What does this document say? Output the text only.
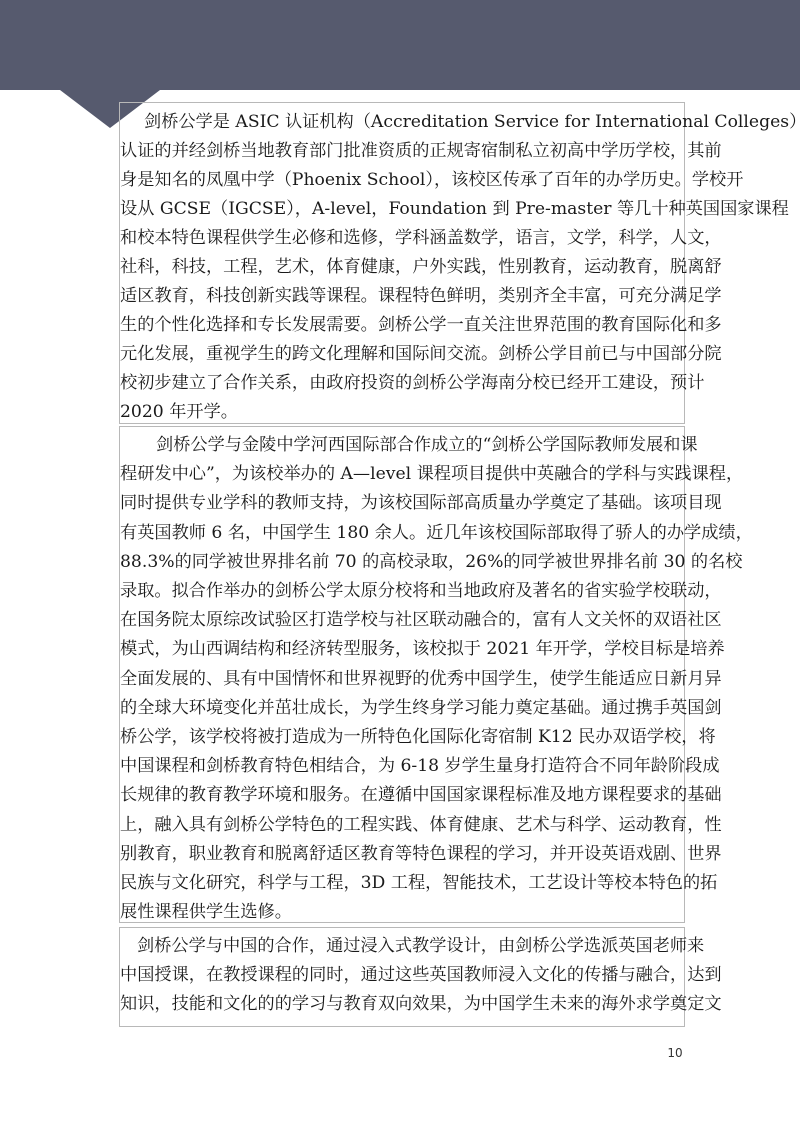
剑桥公学是 ASIC 认证机构（Accreditation Service for International Colleges）
认证的并经剑桥当地教育部门批准资质的正规寄宿制私立初高中学历学校，其前
身是知名的凤凰中学（Phoenix School），该校区传承了百年的办学历史。学校开
设从 GCSE（IGCSE），A-level，Foundation 到 Pre-master 等几十种英国国家课程
和校本特色课程供学生必修和选修，学科涵盖数学，语言，文学，科学，人文，
社科，科技，工程，艺术，体育健康，户外实践，性别教育，运动教育，脱离舒
适区教育，科技创新实践等课程。课程特色鲜明，类别齐全丰富，可充分满足学
生的个性化选择和专长发展需要。剑桥公学一直关注世界范围的教育国际化和多
元化发展，重视学生的跨文化理解和国际间交流。剑桥公学目前已与中国部分院
校初步建立了合作关系，由政府投资的剑桥公学海南分校已经开工建设，预计
2020 年开学。
剑桥公学与金陵中学河西国际部合作成立的“剑桥公学国际教师发展和课
程研发中心”，为该校举办的 A—level 课程项目提供中英融合的学科与实践课程，
同时提供专业学科的教师支持，为该校国际部高质量办学奠定了基础。该项目现
有英国教师 6 名，中国学生 180 余人。近几年该校国际部取得了骄人的办学成绩，
88.3%的同学被世界排名前 70 的高校录取，26%的同学被世界排名前 30 的名校
录取。拟合作举办的剑桥公学太原分校将和当地政府及著名的省实验学校联动，
在国务院太原综改试验区打造学校与社区联动融合的，富有人文关怀的双语社区
模式，为山西调结构和经济转型服务，该校拟于 2021 年开学，学校目标是培养
全面发展的、具有中国情怀和世界视野的优秀中国学生，使学生能适应日新月异
的全球大环境变化并茁壮成长，为学生终身学习能力奠定基础。通过携手英国剑
桥公学，该学校将被打造成为一所特色化国际化寄宿制 K12 民办双语学校，将
中国课程和剑桥教育特色相结合，为 6-18 岁学生量身打造符合不同年龄阶段成
长规律的教育教学环境和服务。在遵循中国国家课程标准及地方课程要求的基础
上，融入具有剑桥公学特色的工程实践、体育健康、艺术与科学、运动教育，性
别教育，职业教育和脱离舒适区教育等特色课程的学习，并开设英语戏剧、世界
民族与文化研究，科学与工程，3D 工程，智能技术，工艺设计等校本特色的拓
展性课程供学生选修。
剑桥公学与中国的合作，通过浸入式教学设计，由剑桥公学选派英国老师来
中国授课，在教授课程的同时，通过这些英国教师浸入文化的传播与融合，达到
知识，技能和文化的的学习与教育双向效果，为中国学生未来的海外求学奠定文
10
